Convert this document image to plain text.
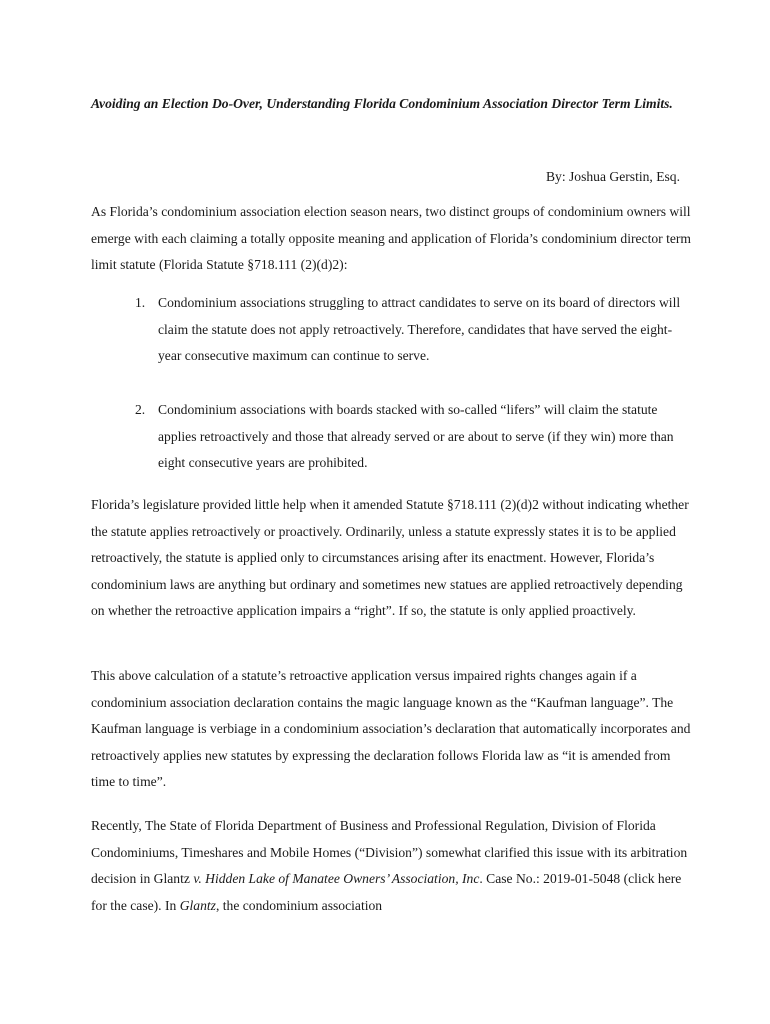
Avoiding an Election Do-Over, Understanding Florida Condominium Association Director Term Limits.
By: Joshua Gerstin, Esq.

As Florida’s condominium association election season nears, two distinct groups of condominium owners will emerge with each claiming a totally opposite meaning and application of Florida’s condominium director term limit statute (Florida Statute §718.111 (2)(d)2):

1. Condominium associations struggling to attract candidates to serve on its board of directors will claim the statute does not apply retroactively. Therefore, candidates that have served the eight-year consecutive maximum can continue to serve.
2. Condominium associations with boards stacked with so-called “lifers” will claim the statute applies retroactively and those that already served or are about to serve (if they win) more than eight consecutive years are prohibited.

Florida’s legislature provided little help when it amended Statute §718.111 (2)(d)2 without indicating whether the statute applies retroactively or proactively. Ordinarily, unless a statute expressly states it is to be applied retroactively, the statute is applied only to circumstances arising after its enactment. However, Florida’s condominium laws are anything but ordinary and sometimes new statues are applied retroactively depending on whether the retroactive application impairs a “right”. If so, the statute is only applied proactively.

This above calculation of a statute’s retroactive application versus impaired rights changes again if a condominium association declaration contains the magic language known as the “Kaufman language”. The Kaufman language is verbiage in a condominium association’s declaration that automatically incorporates and retroactively applies new statutes by expressing the declaration follows Florida law as “it is amended from time to time”.

Recently, The State of Florida Department of Business and Professional Regulation, Division of Florida Condominiums, Timeshares and Mobile Homes (“Division”) somewhat clarified this issue with its arbitration decision in Glantz v. Hidden Lake of Manatee Owners’ Association, Inc. Case No.: 2019-01-5048 (click here for the case). In Glantz, the condominium association
